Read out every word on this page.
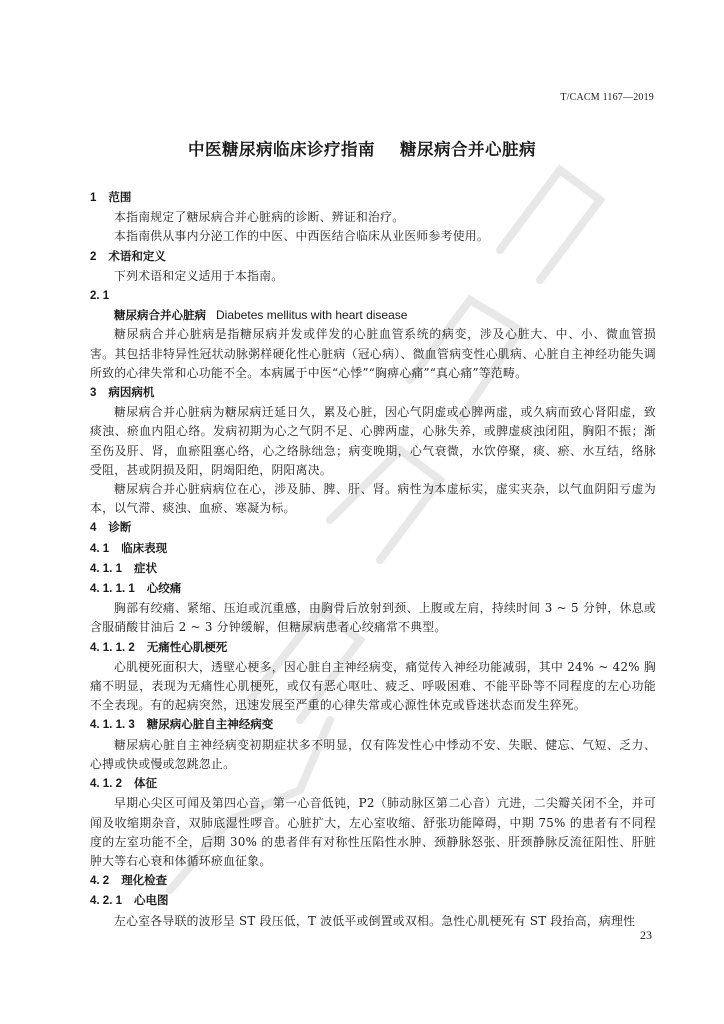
T/CACM 1167—2019
中医糖尿病临床诊疗指南    糖尿病合并心脏病

1 范围

本指南规定了糖尿病合并心脏病的诊断、辨证和治疗。

本指南供从事内分泌工作的中医、中西医结合临床从业医师参考使用。

2 术语和定义

下列术语和定义适用于本指南。

2. 1

糖尿病合并心脏病 Diabetes mellitus with heart disease

糖尿病合并心脏病是指糖尿病并发或伴发的心脏血管系统的病变，涉及心脏大、中、小、微血管损害。其包括非特异性冠状动脉粥样硬化性心脏病（冠心病）、微血管病变性心肌病、心脏自主神经功能失调所致的心律失常和心功能不全。本病属于中医“心悸”“胸痹心痛”“真心痛”等范畴。

3 病因病机

糖尿病合并心脏病为糖尿病迁延日久，累及心脏，因心气阴虚或心脾两虚，或久病而致心肾阳虚，致痰浊、瘀血内阻心络。发病初期为心之气阴不足、心脾两虚，心脉失养，或脾虚痰浊闭阻，胸阳不振；渐至伤及肝、肾，血瘀阻塞心络，心之络脉绌急；病变晚期，心气衰微，水饮停聚，痰、瘀、水互结，络脉受阻，甚或阴损及阳，阴竭阳绝，阴阳离决。

糖尿病合并心脏病病位在心，涉及肺、脾、肝、肾。病性为本虚标实，虚实夹杂，以气血阴阳亏虚为本，以气滞、痰浊、血瘀、寒凝为标。

4 诊断

4. 1 临床表现

4. 1. 1 症状

4. 1. 1. 1 心绞痛

胸部有绞痛、紧缩、压迫或沉重感，由胸骨后放射到颈、上腹或左肩，持续时间 3 ~ 5 分钟，休息或含服硝酸甘油后 2 ~ 3 分钟缓解，但糖尿病患者心绞痛常不典型。

4. 1. 1. 2 无痛性心肌梗死

心肌梗死面积大，透壁心梗多，因心脏自主神经病变，痛觉传入神经功能减弱，其中 24% ~ 42% 胸痛不明显，表现为无痛性心肌梗死，或仅有恶心呕吐、疲乏、呼吸困难、不能平卧等不同程度的左心功能不全表现。有的起病突然，迅速发展至严重的心律失常或心源性休克或昏迷状态而发生猝死。

4. 1. 1. 3 糖尿病心脏自主神经病变

糖尿病心脏自主神经病变初期症状多不明显，仅有阵发性心中悸动不安、失眠、健忘、气短、乏力、心搏或快或慢或忽跳忽止。

4. 1. 2 体征

早期心尖区可闻及第四心音，第一心音低钝，P2（肺动脉区第二心音）亢进，二尖瓣关闭不全，并可闻及收缩期杂音，双肺底湿性啰音。心脏扩大，左心室收缩、舒张功能障碍，中期 75% 的患者有不同程度的左室功能不全，后期 30% 的患者伴有对称性压陷性水肿、颈静脉怒张、肝颈静脉反流征阳性、肝脏肿大等右心衰和体循环瘀血征象。

4. 2 理化检查

4. 2. 1 心电图

左心室各导联的波形呈 ST 段压低，T 波低平或倒置或双相。急性心肌梗死有 ST 段抬高，病理性

23
